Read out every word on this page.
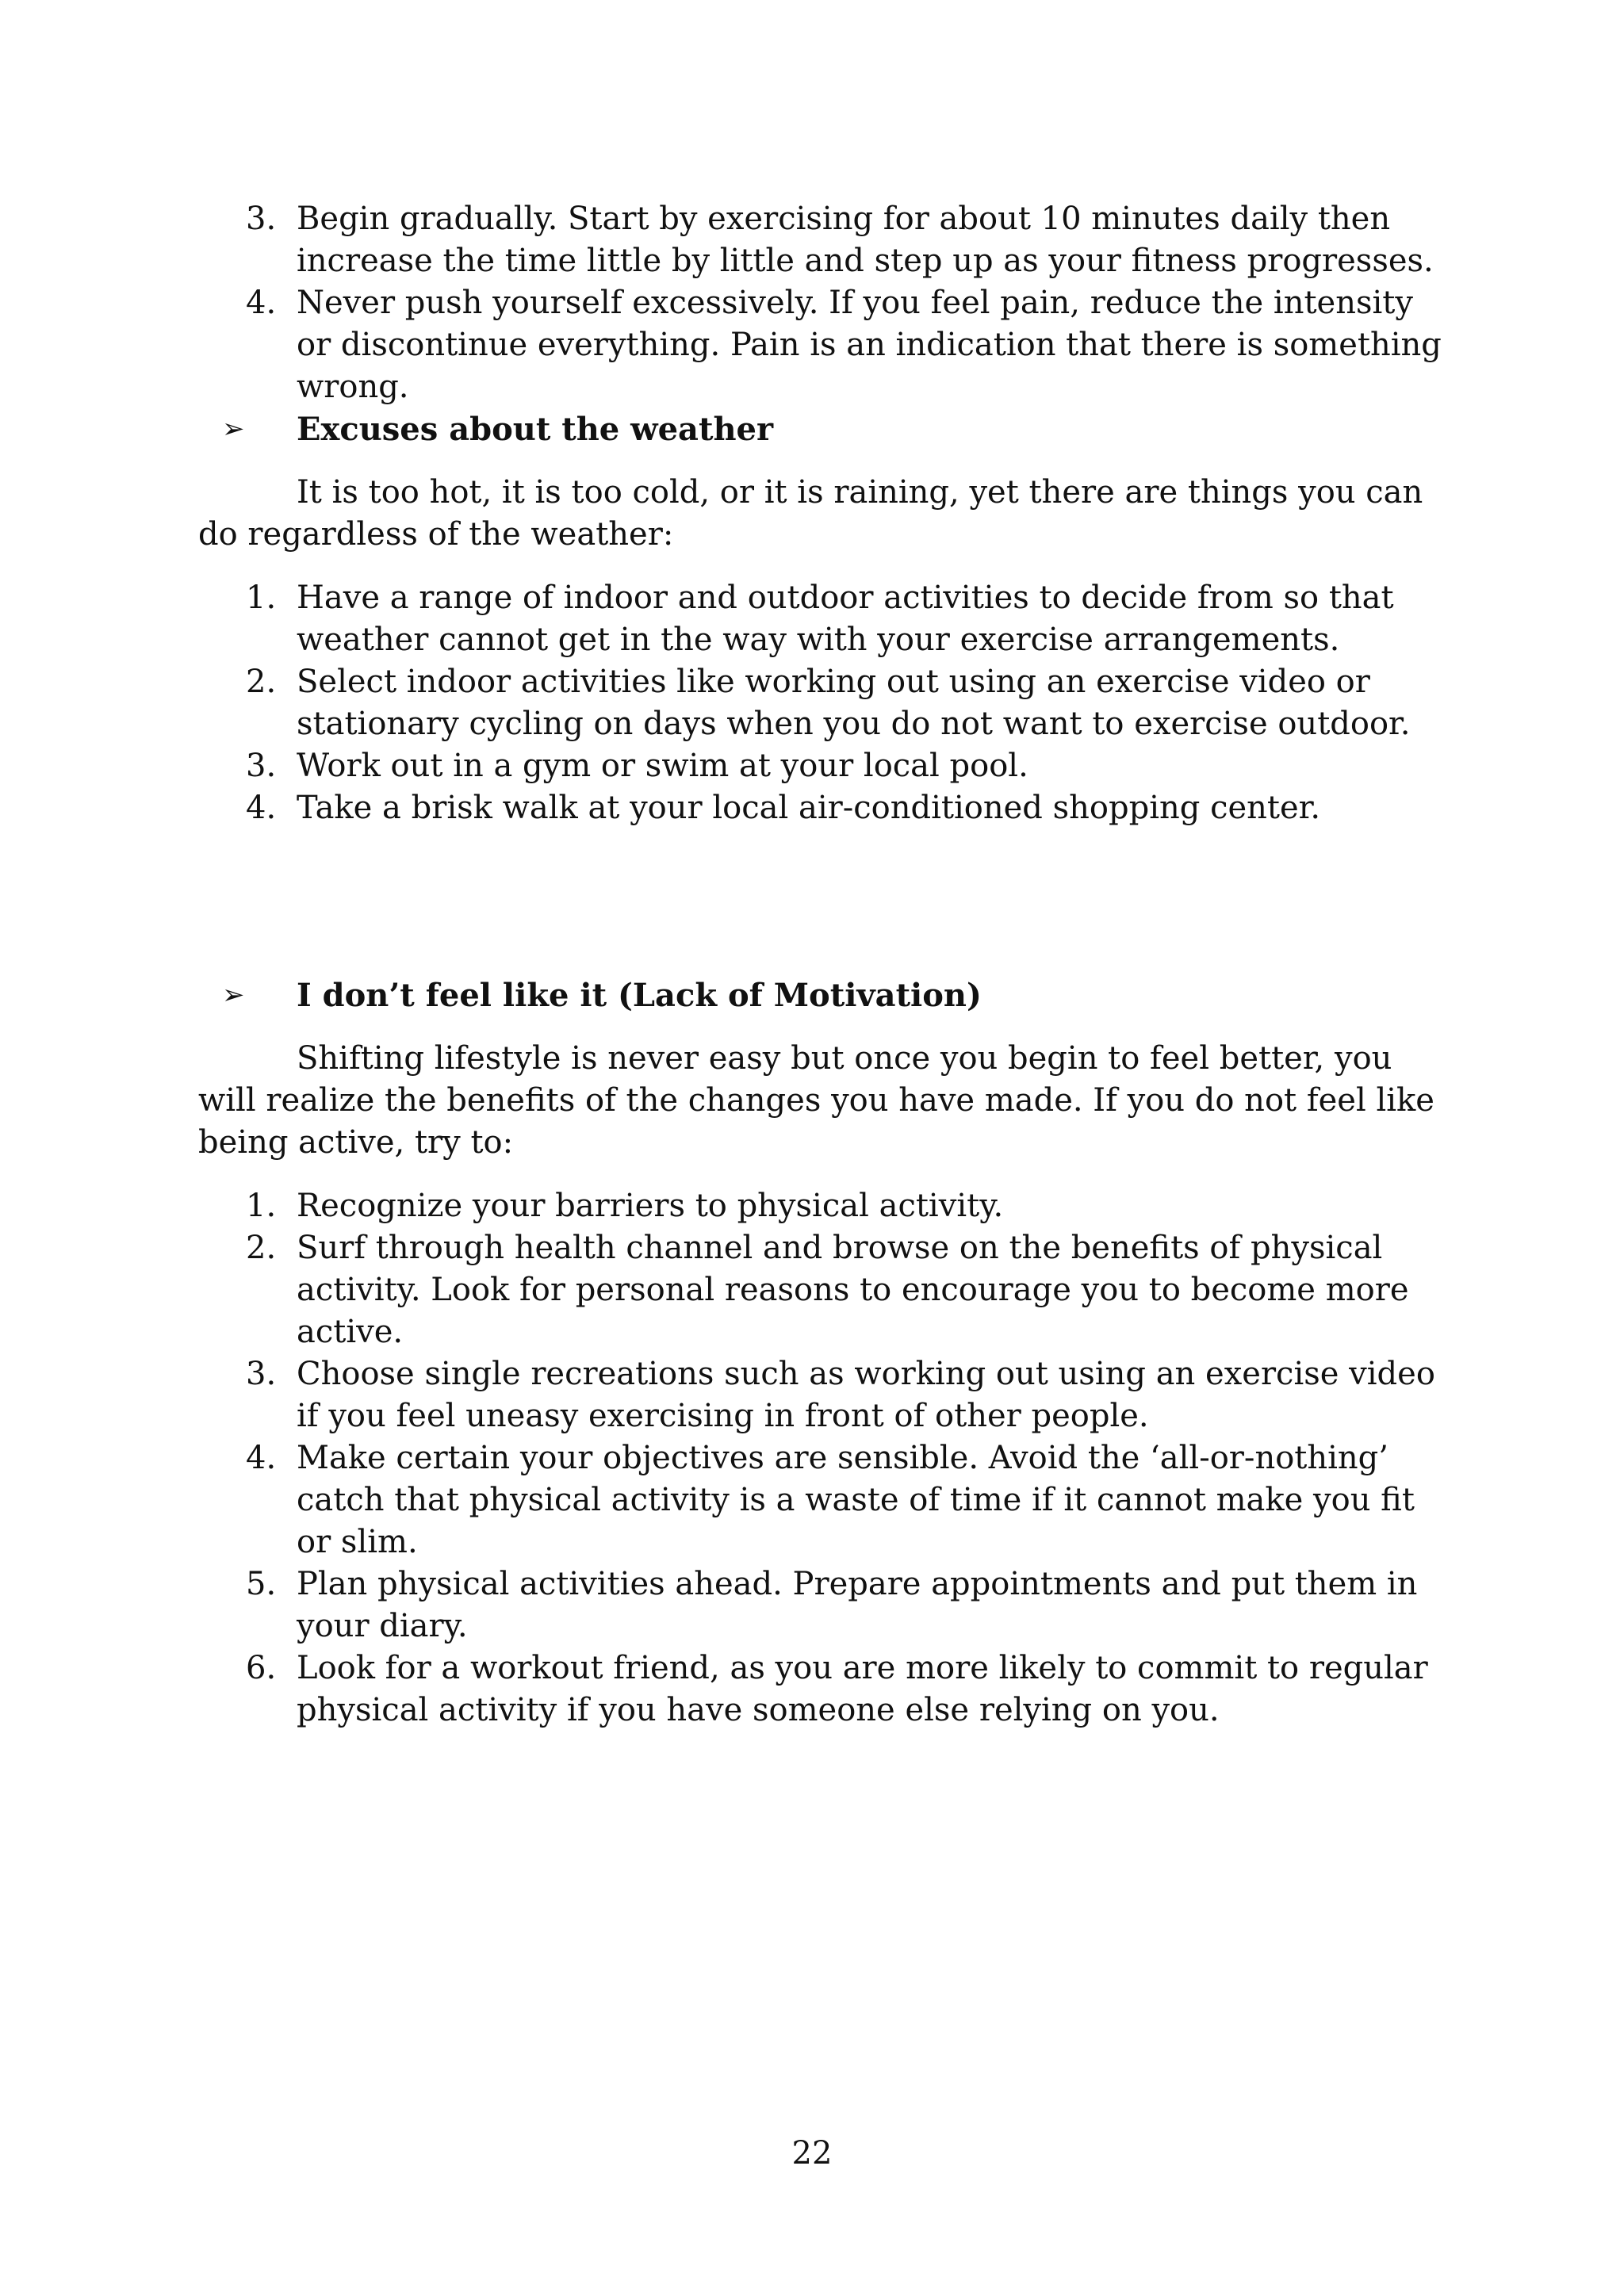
3. Begin gradually. Start by exercising for about 10 minutes daily then increase the time little by little and step up as your fitness progresses.
4. Never push yourself excessively. If you feel pain, reduce the intensity or discontinue everything. Pain is an indication that there is something wrong.
➢ Excuses about the weather
It is too hot, it is too cold, or it is raining, yet there are things you can do regardless of the weather:
1. Have a range of indoor and outdoor activities to decide from so that weather cannot get in the way with your exercise arrangements.
2. Select indoor activities like working out using an exercise video or stationary cycling on days when you do not want to exercise outdoor.
3. Work out in a gym or swim at your local pool.
4. Take a brisk walk at your local air-conditioned shopping center.
➢ I don’t feel like it (Lack of Motivation)
Shifting lifestyle is never easy but once you begin to feel better, you will realize the benefits of the changes you have made. If you do not feel like being active, try to:
1. Recognize your barriers to physical activity.
2. Surf through health channel and browse on the benefits of physical activity. Look for personal reasons to encourage you to become more active.
3. Choose single recreations such as working out using an exercise video if you feel uneasy exercising in front of other people.
4. Make certain your objectives are sensible. Avoid the ‘all-or-nothing’ catch that physical activity is a waste of time if it cannot make you fit or slim.
5. Plan physical activities ahead. Prepare appointments and put them in your diary.
6. Look for a workout friend, as you are more likely to commit to regular physical activity if you have someone else relying on you.
22
